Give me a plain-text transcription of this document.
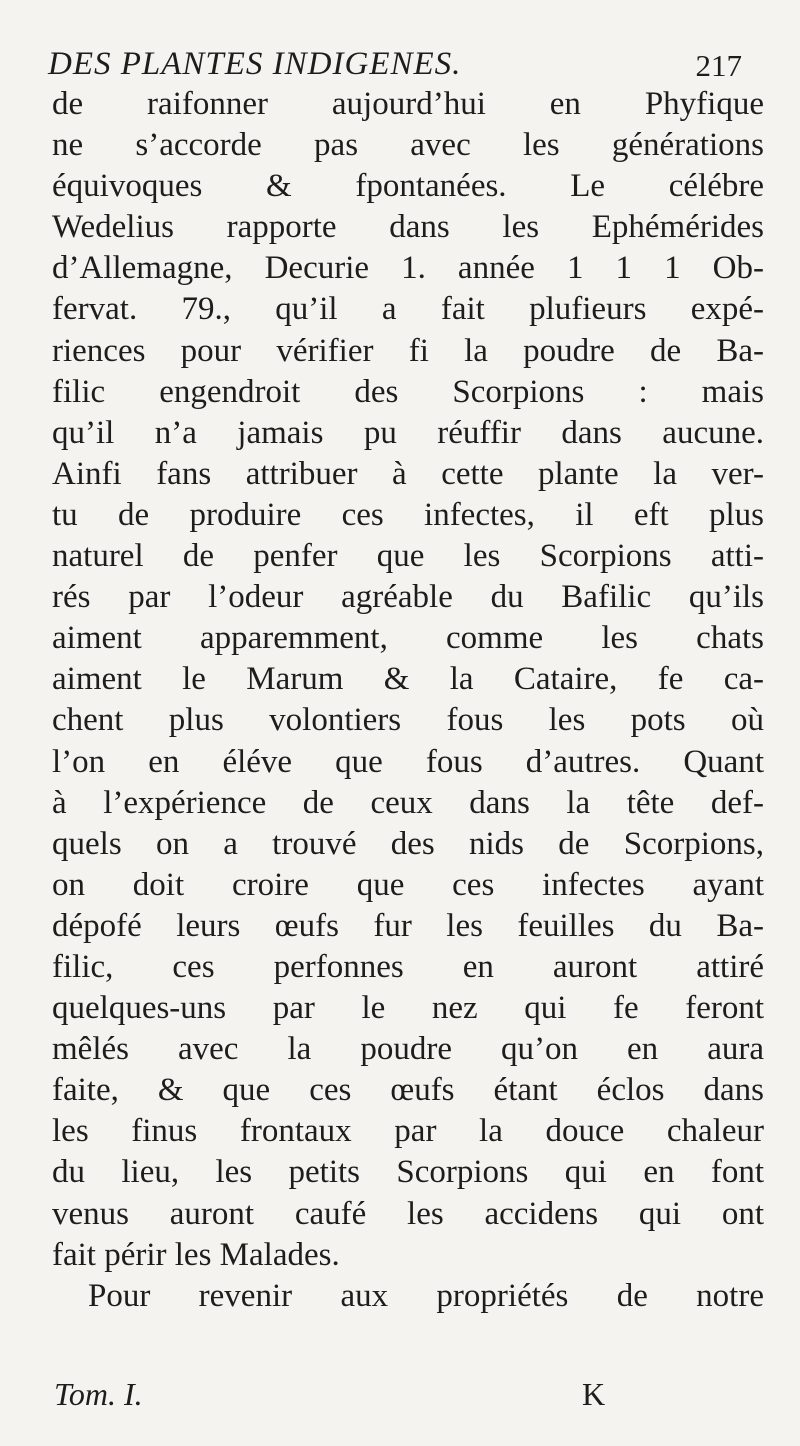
DES PLANTES INDIGENES.	217
de raifonner aujourd’hui en Phyfique
ne s’accorde pas avec les générations
équivoques & fpontanées. Le célébre
Wedelius rapporte dans les Ephémérides
d’Allemagne, Decurie 1. année 1 1 1 Ob-
fervat. 79., qu’il a fait plufieurs expé-
riences pour vérifier fi la poudre de Ba-
filic engendroit des Scorpions : mais
qu’il n’a jamais pu réuffir dans aucune.
Ainfi fans attribuer à cette plante la ver-
tu de produire ces infectes, il eft plus
naturel de penfer que les Scorpions atti-
rés par l’odeur agréable du Bafilic qu’ils
aiment apparemment, comme les chats
aiment le Marum & la Cataire, fe ca-
chent plus volontiers fous les pots où
l’on en éléve que fous d’autres. Quant
à l’expérience de ceux dans la tête def-
quels on a trouvé des nids de Scorpions,
on doit croire que ces infectes ayant
dépofé leurs œufs fur les feuilles du Ba-
filic, ces perfonnes en auront attiré
quelques-uns par le nez qui fe feront
mêlés avec la poudre qu’on en aura
faite, & que ces œufs étant éclos dans
les finus frontaux par la douce chaleur
du lieu, les petits Scorpions qui en font
venus auront caufé les accidens qui ont
fait périr les Malades.
Pour revenir aux propriétés de notre
Tom. I.	K
